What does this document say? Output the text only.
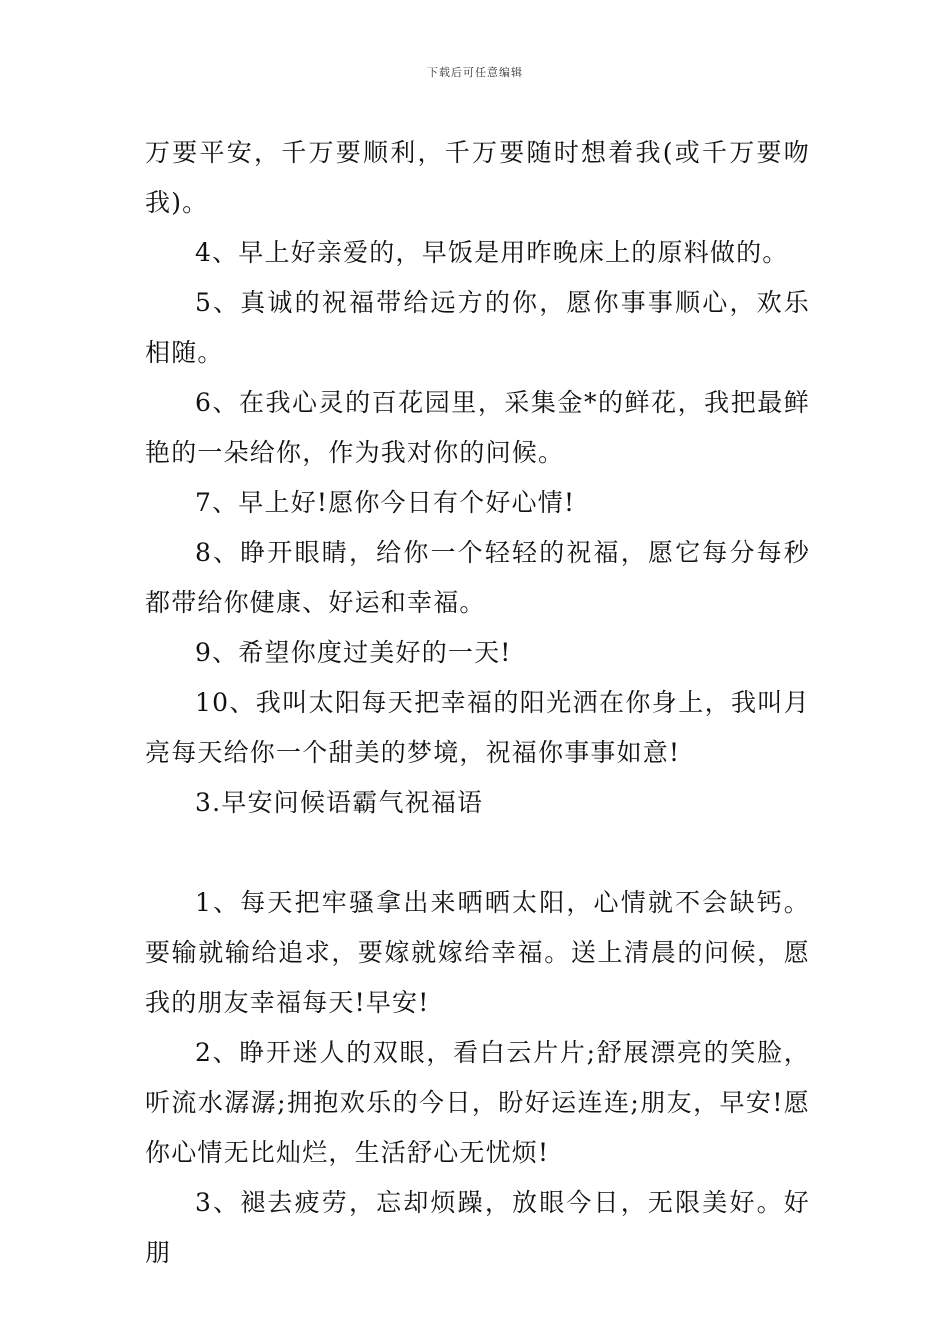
下载后可任意编辑

万要平安，千万要顺利，千万要随时想着我(或千万要吻我)。

4、早上好亲爱的，早饭是用昨晚床上的原料做的。

5、真诚的祝福带给远方的你，愿你事事顺心，欢乐相随。

6、在我心灵的百花园里，采集金*的鲜花，我把最鲜艳的一朵给你，作为我对你的问候。

7、早上好!愿你今日有个好心情!

8、睁开眼睛，给你一个轻轻的祝福，愿它每分每秒都带给你健康、好运和幸福。

9、希望你度过美好的一天!

10、我叫太阳每天把幸福的阳光洒在你身上，我叫月亮每天给你一个甜美的梦境，祝福你事事如意!

3.早安问候语霸气祝福语

1、每天把牢骚拿出来晒晒太阳，心情就不会缺钙。要输就输给追求，要嫁就嫁给幸福。送上清晨的问候，愿我的朋友幸福每天!早安!

2、睁开迷人的双眼，看白云片片;舒展漂亮的笑脸，听流水潺潺;拥抱欢乐的今日，盼好运连连;朋友，早安!愿你心情无比灿烂，生活舒心无忧烦!

3、褪去疲劳，忘却烦躁，放眼今日，无限美好。好朋
